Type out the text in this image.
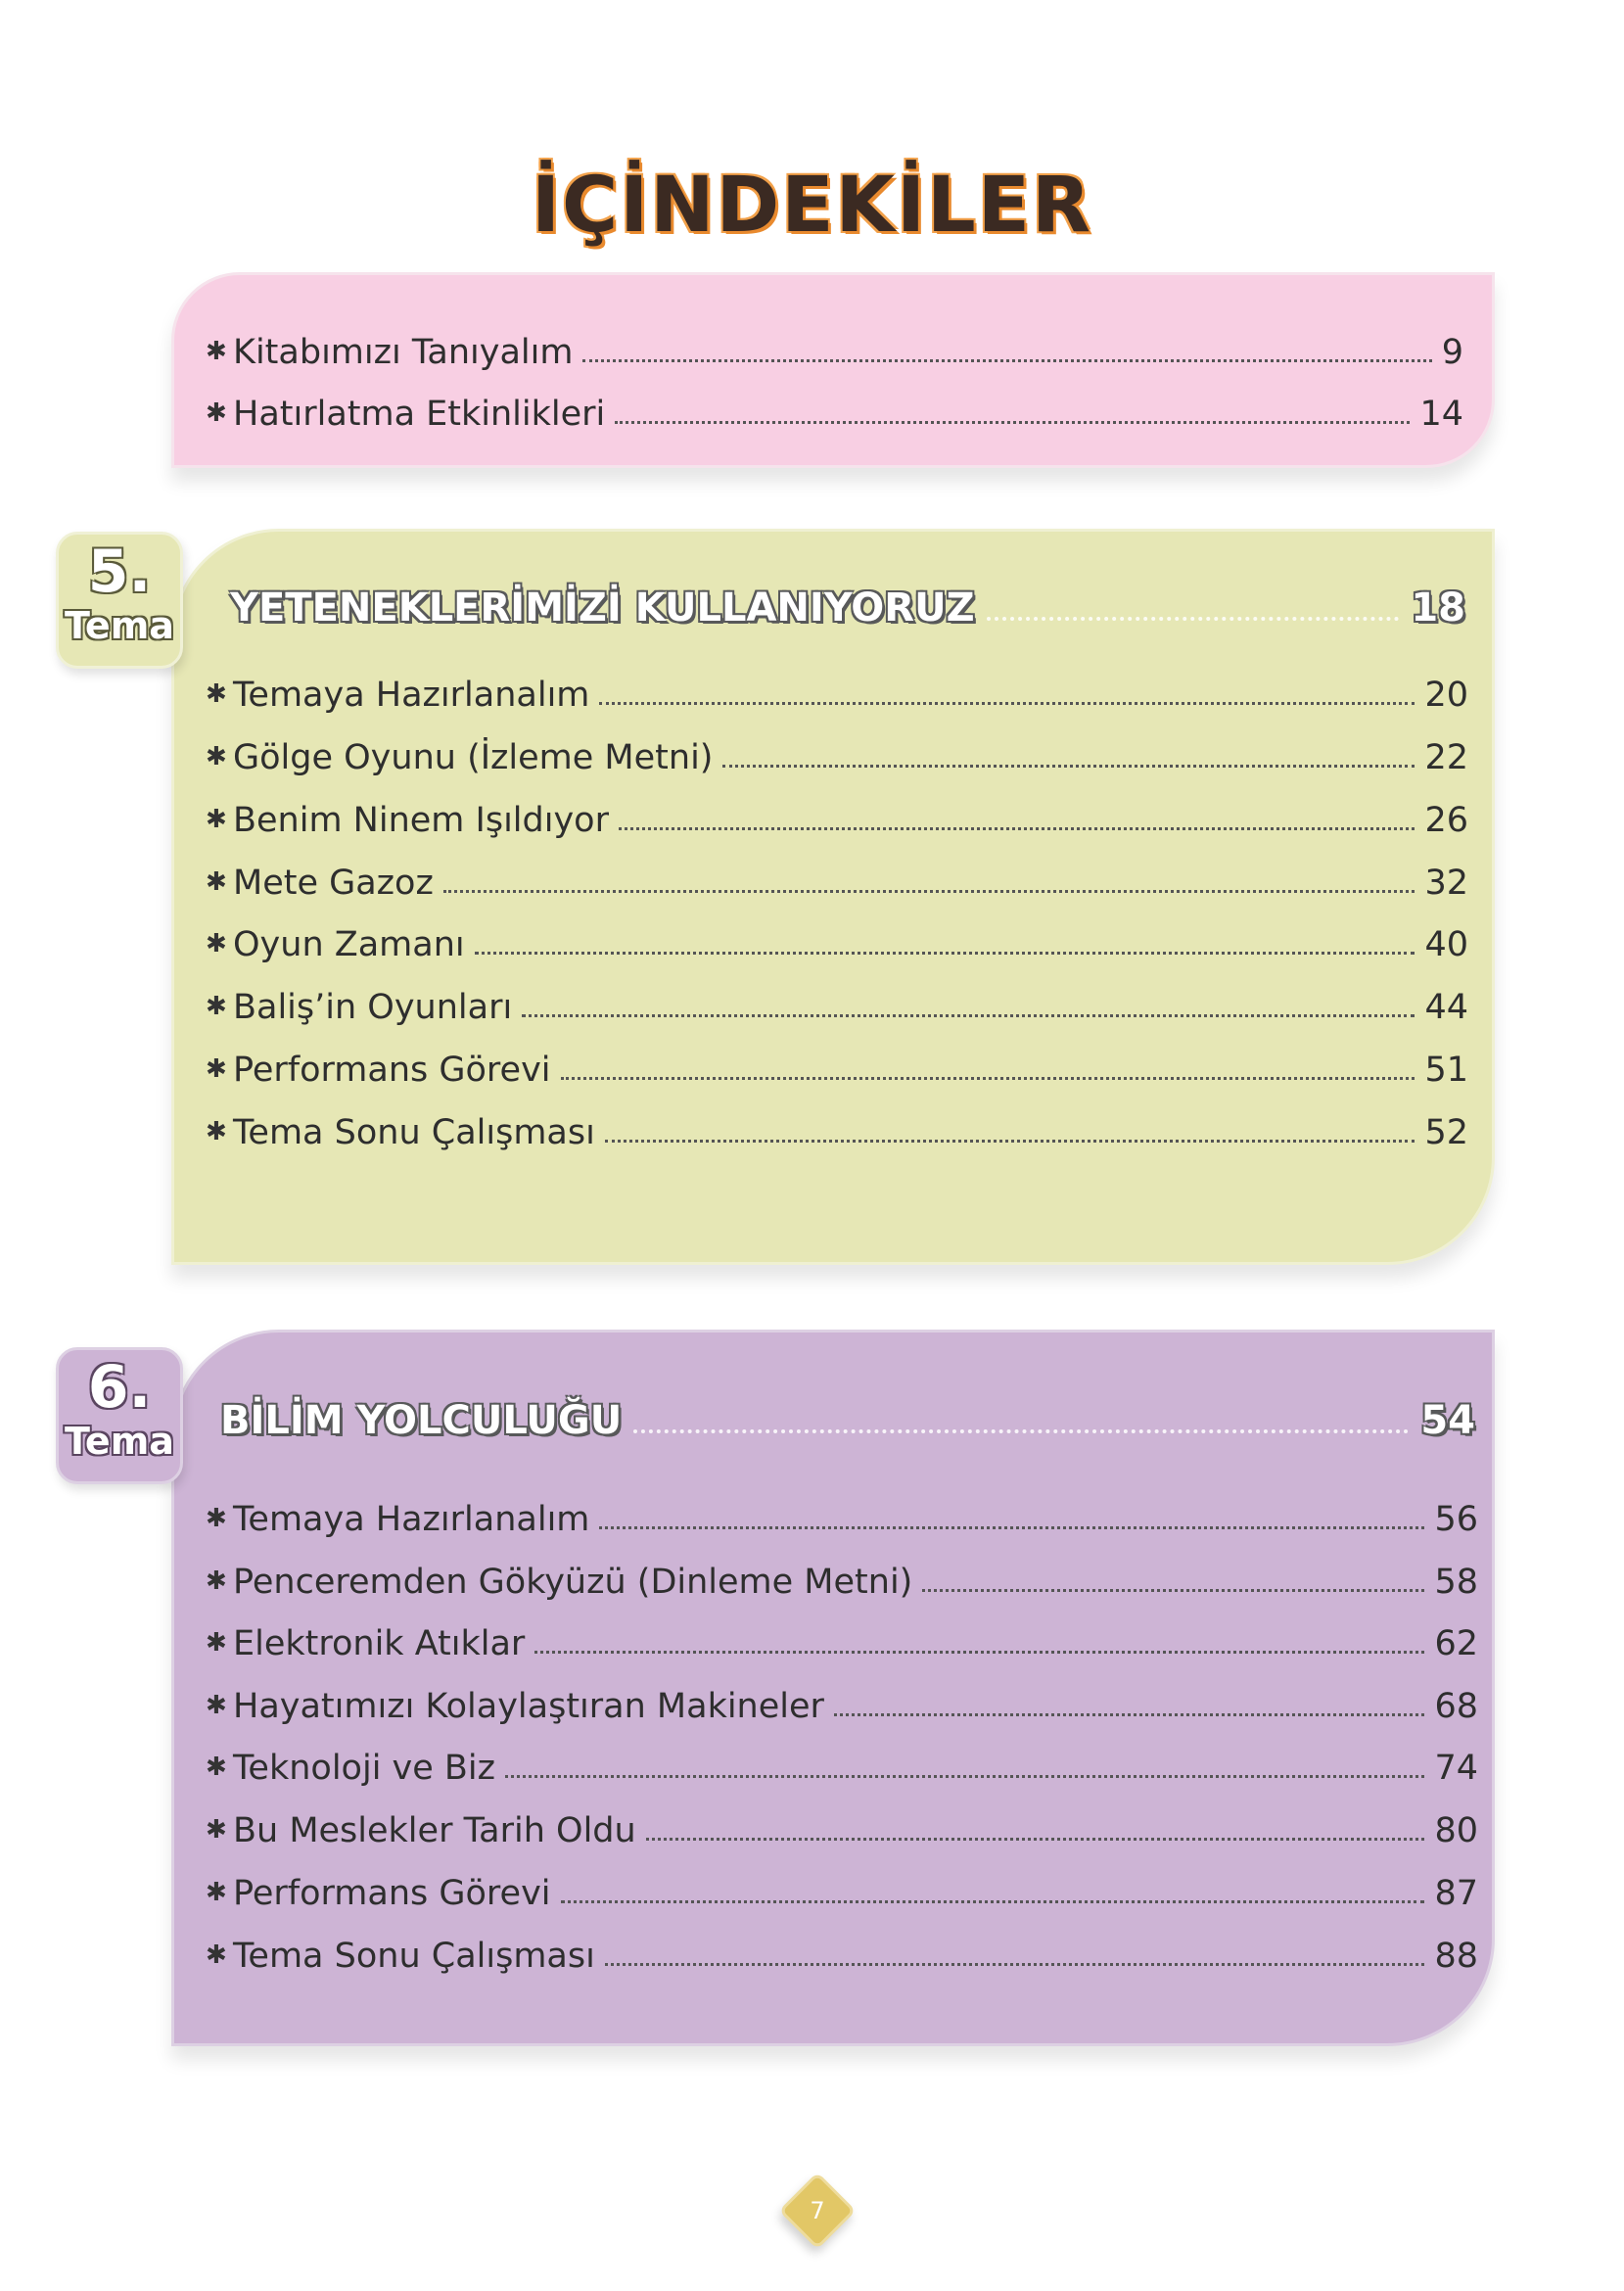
İÇİNDEKİLER
✱ Kitabımızı Tanıyalım	9
✱ Hatırlatma Etkinlikleri	14
5.
Tema YETENEKLERİMİZİ KULLANIYORUZ	18
✱ Temaya Hazırlanalım	20
✱ Gölge Oyunu (İzleme Metni)	22
✱ Benim Ninem Işıldıyor	26
✱ Mete Gazoz	32
✱ Oyun Zamanı	40
✱ Baliş’in Oyunları	44
✱ Performans Görevi	51
✱ Tema Sonu Çalışması	52
6.
Tema BİLİM YOLCULUĞU	54
✱ Temaya Hazırlanalım	56
✱ Penceremden Gökyüzü (Dinleme Metni)	58
✱ Elektronik Atıklar	62
✱ Hayatımızı Kolaylaştıran Makineler	68
✱ Teknoloji ve Biz	74
✱ Bu Meslekler Tarih Oldu	80
✱ Performans Görevi	87
✱ Tema Sonu Çalışması	88
7
